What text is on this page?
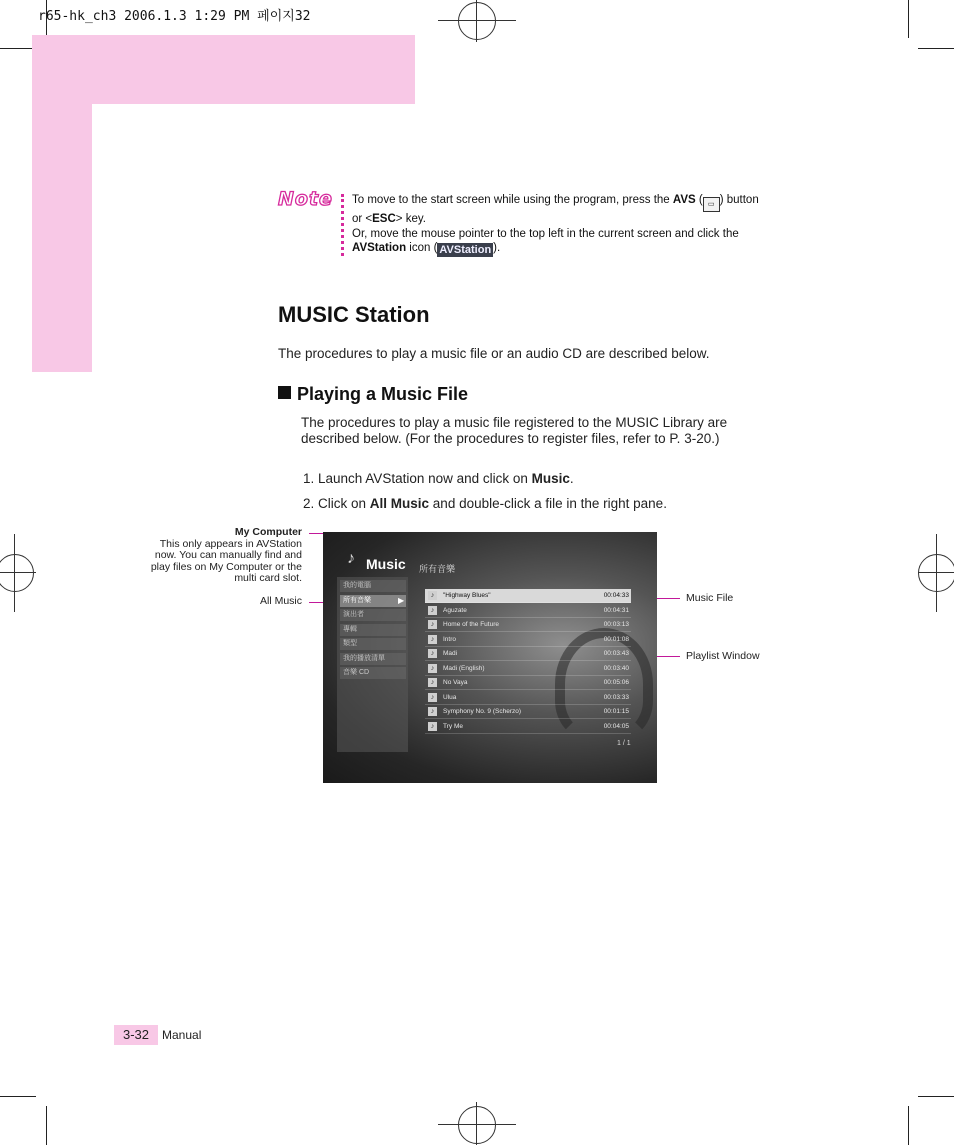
r65-hk_ch3 2006.1.3 1:29 PM 페이지32
Note To move to the start screen while using the program, press the AVS ( ▭ ) button
or <ESC> key.
Or, move the mouse pointer to the top left in the current screen and click the
AVStation icon ( AVStation ).
MUSIC Station
The procedures to play a music file or an audio CD are described below.
Playing a Music File
The procedures to play a music file registered to the MUSIC Library are described below. (For the procedures to register files, refer to P. 3-20.)
1. Launch AVStation now and click on Music.
2. Click on All Music and double-click a file in the right pane.
My Computer
This only appears in AVStation
now. You can manually find and
play files on My Computer or the
multi card slot.
All Music	Music File
Playlist Window
♪ Music 所有音樂
我的電腦
所有音樂	▶
演出者
專輯
類型
我的播放清單
音樂 CD
♪	"Highway Blues"	00:04:33
♪	Aguzate	00:04:31
♪	Home of the Future	00:03:13
♪	Intro	00:01:08
♪	Madi	00:03:43
♪	Madi (English)	00:03:40
♪	No Vaya	00:05:06
♪	Ulua	00:03:33
♪	Symphony No. 9 (Scherzo)	00:01:15
♪	Try Me	00:04:05
1 / 1
3-32	Manual
